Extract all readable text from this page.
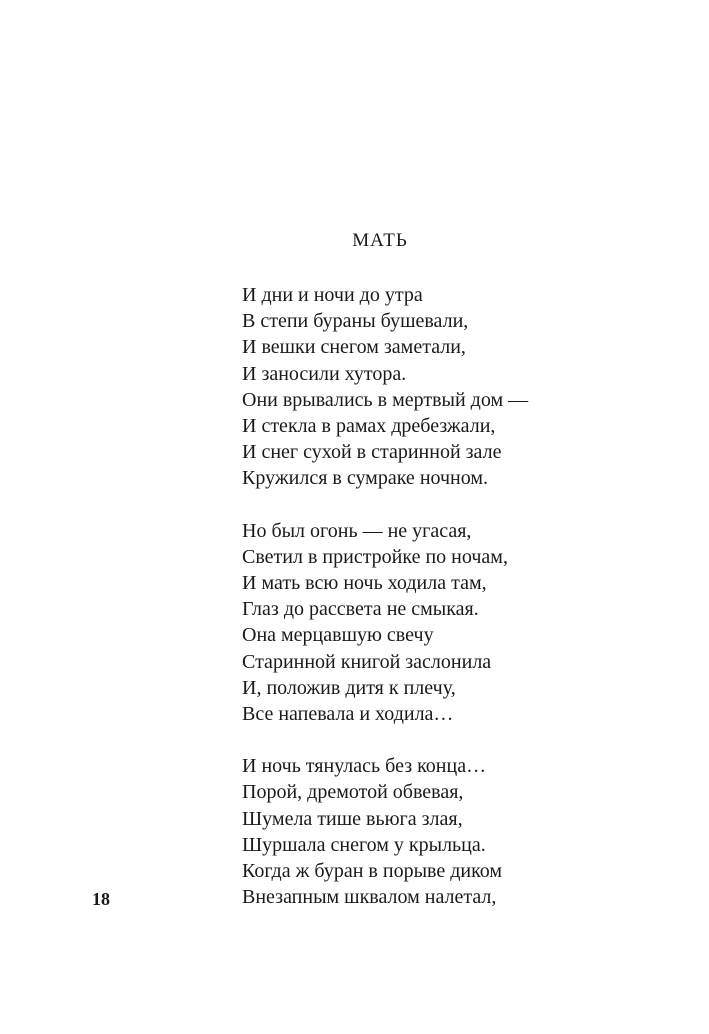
МАТЬ
И дни и ночи до утра
В степи бураны бушевали,
И вешки снегом заметали,
И заносили хутора.
Они врывались в мертвый дом —
И стекла в рамах дребезжали,
И снег сухой в старинной зале
Кружился в сумраке ночном.
Но был огонь — не угасая,
Светил в пристройке по ночам,
И мать всю ночь ходила там,
Глаз до рассвета не смыкая.
Она мерцавшую свечу
Старинной книгой заслонила
И, положив дитя к плечу,
Все напевала и ходила…
И ночь тянулась без конца…
Порой, дремотой обвевая,
Шумела тише вьюга злая,
Шуршала снегом у крыльца.
Когда ж буран в порыве диком
Внезапным шквалом налетал,
18
